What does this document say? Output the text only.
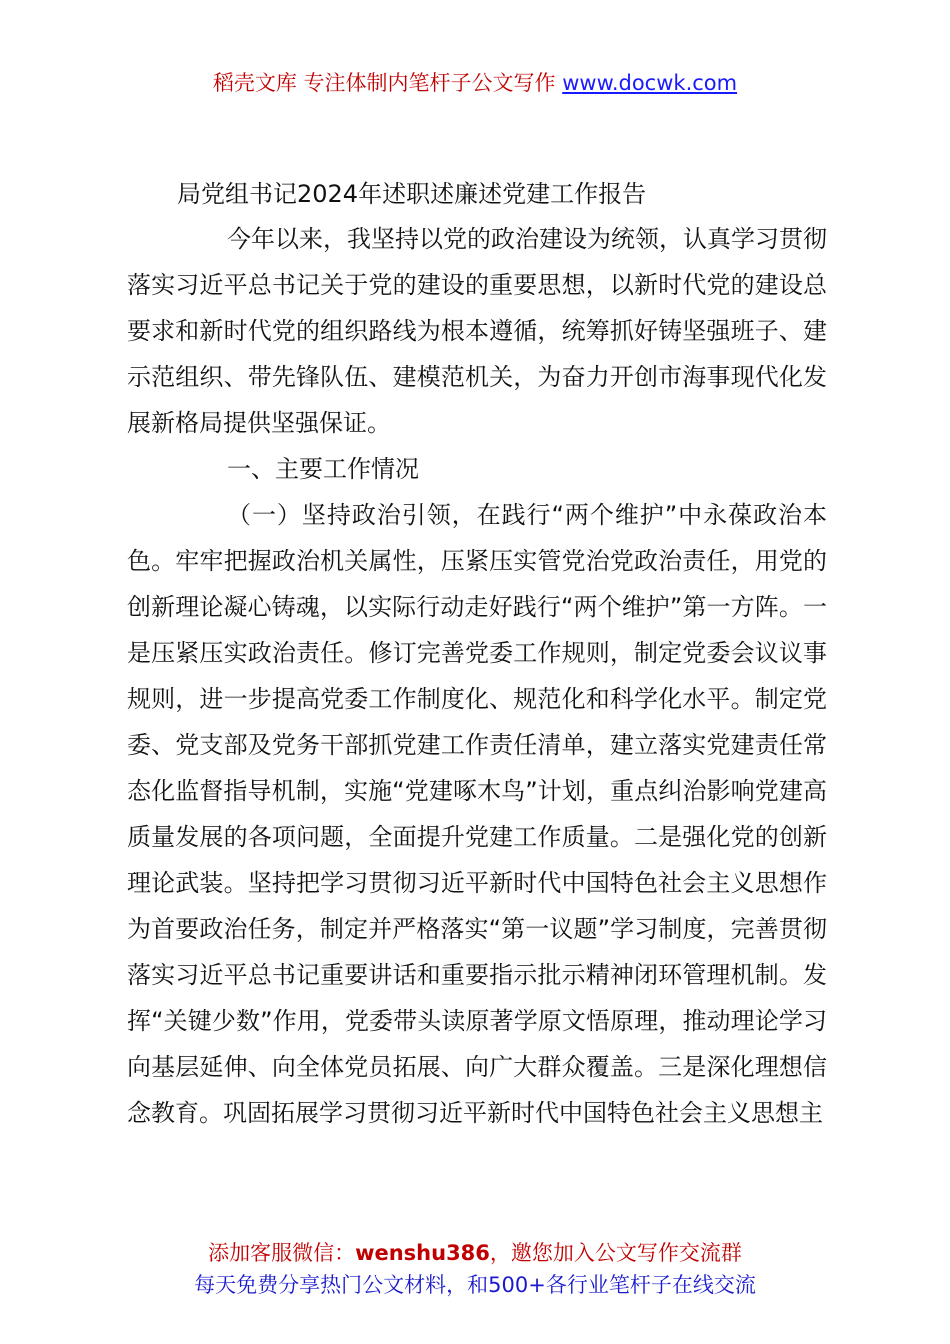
稻壳文库 专注体制内笔杆子公文写作 www.docwk.com
局党组书记2024年述职述廉述党建工作报告

今年以来，我坚持以党的政治建设为统领，认真学习贯彻落实习近平总书记关于党的建设的重要思想，以新时代党的建设总要求和新时代党的组织路线为根本遵循，统筹抓好铸坚强班子、建示范组织、带先锋队伍、建模范机关，为奋力开创市海事现代化发展新格局提供坚强保证。

一、主要工作情况

（一）坚持政治引领，在践行“两个维护”中永葆政治本色。牢牢把握政治机关属性，压紧压实管党治党政治责任，用党的创新理论凝心铸魂，以实际行动走好践行“两个维护”第一方阵。一是压紧压实政治责任。修订完善党委工作规则，制定党委会议议事规则，进一步提高党委工作制度化、规范化和科学化水平。制定党委、党支部及党务干部抓党建工作责任清单，建立落实党建责任常态化监督指导机制，实施“党建啄木鸟”计划，重点纠治影响党建高质量发展的各项问题，全面提升党建工作质量。二是强化党的创新理论武装。坚持把学习贯彻习近平新时代中国特色社会主义思想作为首要政治任务，制定并严格落实“第一议题”学习制度，完善贯彻落实习近平总书记重要讲话和重要指示批示精神闭环管理机制。发挥“关键少数”作用，党委带头读原著学原文悟原理，推动理论学习向基层延伸、向全体党员拓展、向广大群众覆盖。三是深化理想信念教育。巩固拓展学习贯彻习近平新时代中国特色社会主义思想主

添加客服微信：wenshu386，邀您加入公文写作交流群
每天免费分享热门公文材料，和500+各行业笔杆子在线交流
